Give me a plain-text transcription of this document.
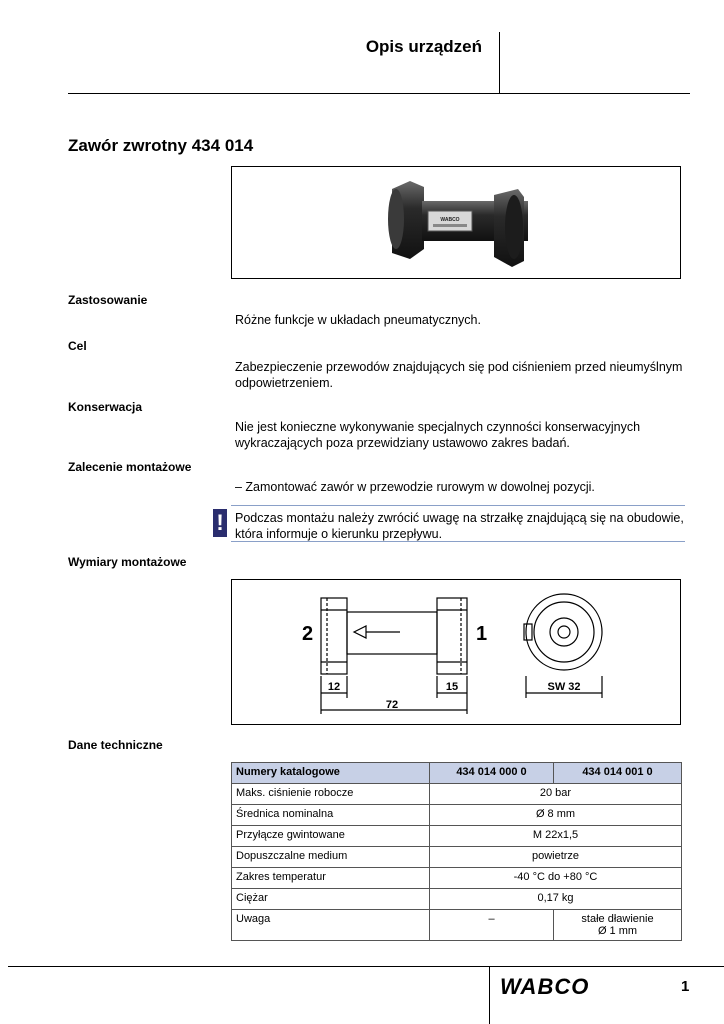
Opis urządzeń
Zawór zwrotny 434 014
WABCO
Zastosowanie
Różne funkcje w układach pneumatycznych.
Cel
Zabezpieczenie przewodów znajdujących się pod ciśnieniem przed nieumyślnym odpowietrzeniem.
Konserwacja
Nie jest konieczne wykonywanie specjalnych czynności konserwacyjnych wykraczających poza przewidziany ustawowo zakres badań.
Zalecenie montażowe
– Zamontować zawór w przewodzie rurowym w dowolnej pozycji.
! Podczas montażu należy zwrócić uwagę na strzałkę znajdującą się na obudowie, która informuje o kierunku przepływu.
Wymiary montażowe
2	1
12	15
72
SW 32
Dane techniczne
Numery katalogowe	434 014 000 0	434 014 001 0
Maks. ciśnienie robocze	20 bar	
Średnica nominalna	Ø 8 mm	
Przyłącze gwintowane	M 22x1,5	
Dopuszczalne medium	powietrze	
Zakres temperatur	-40 °C do +80 °C	
Ciężar	0,17 kg	
Uwaga	–	stałe dławienie
Ø 1 mm
WABCO	1
